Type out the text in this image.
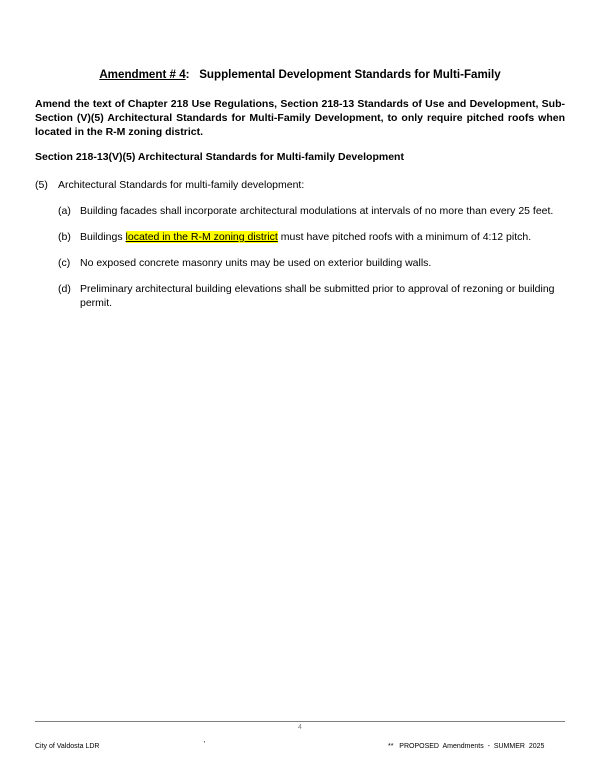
Amendment # 4: Supplemental Development Standards for Multi-Family

Amend the text of Chapter 218 Use Regulations, Section 218-13 Standards of Use and Development, Sub-Section (V)(5) Architectural Standards for Multi-Family Development, to only require pitched roofs when located in the R-M zoning district.

Section 218-13(V)(5) Architectural Standards for Multi-family Development

(5) Architectural Standards for multi-family development:
(a) Building facades shall incorporate architectural modulations at intervals of no more than every 25 feet.
(b) Buildings located in the R-M zoning district must have pitched roofs with a minimum of 4:12 pitch.
(c) No exposed concrete masonry units may be used on exterior building walls.
(d) Preliminary architectural building elevations shall be submitted prior to approval of rezoning or building permit.
4
City of Valdosta LDR	'	**   PROPOSED  Amendments  -  SUMMER  2025
